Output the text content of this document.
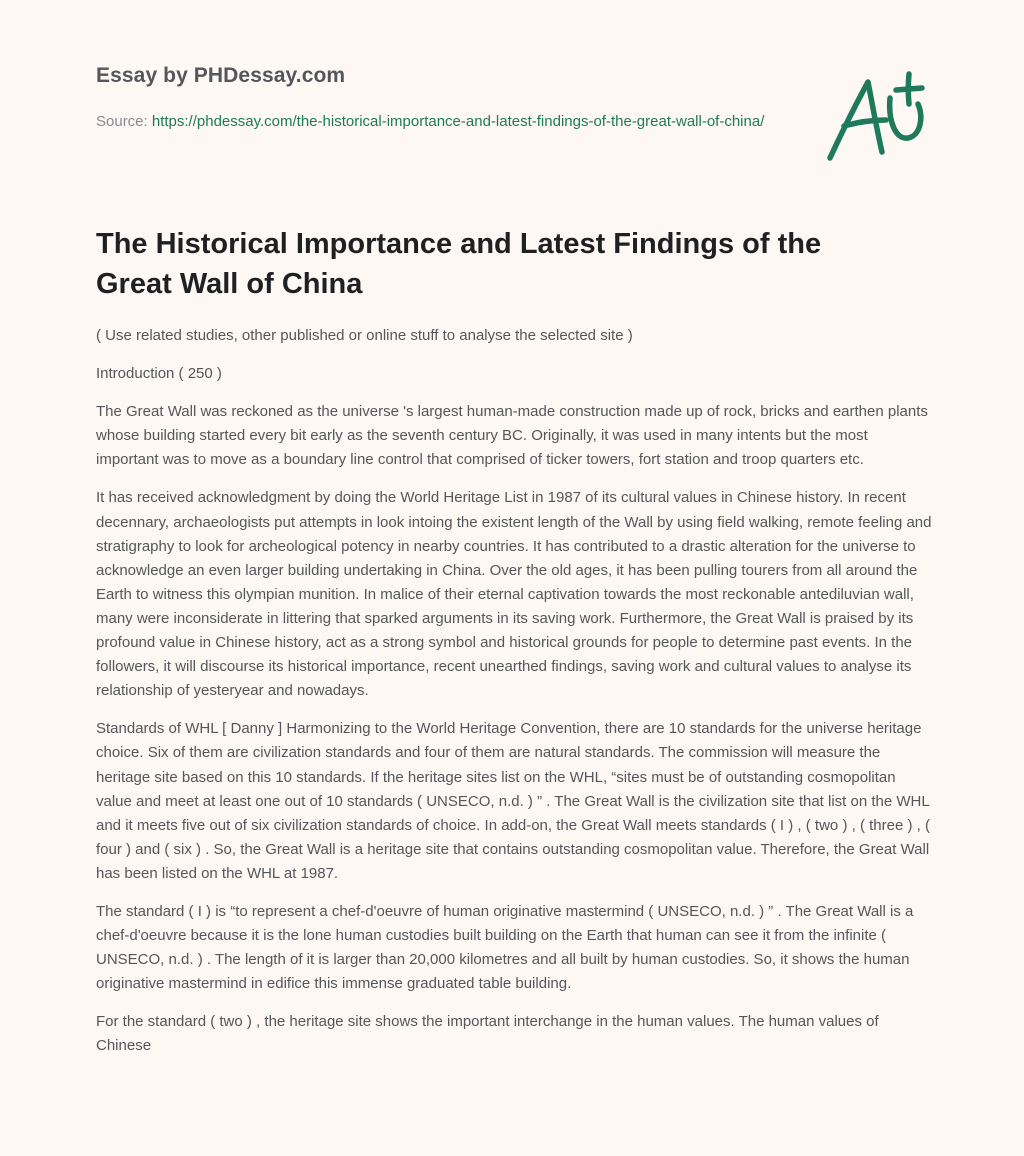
Essay by PHDessay.com
Source: https://phdessay.com/the-historical-importance-and-latest-findings-of-the-great-wall-of-china/
The Historical Importance and Latest Findings of the Great Wall of China

( Use related studies, other published or online stuff to analyse the selected site )

Introduction ( 250 )

The Great Wall was reckoned as the universe 's largest human-made construction made up of rock, bricks and earthen plants whose building started every bit early as the seventh century BC. Originally, it was used in many intents but the most important was to move as a boundary line control that comprised of ticker towers, fort station and troop quarters etc.

It has received acknowledgment by doing the World Heritage List in 1987 of its cultural values in Chinese history. In recent decennary, archaeologists put attempts in look intoing the existent length of the Wall by using field walking, remote feeling and stratigraphy to look for archeological potency in nearby countries. It has contributed to a drastic alteration for the universe to acknowledge an even larger building undertaking in China. Over the old ages, it has been pulling tourers from all around the Earth to witness this olympian munition. In malice of their eternal captivation towards the most reckonable antediluvian wall, many were inconsiderate in littering that sparked arguments in its saving work. Furthermore, the Great Wall is praised by its profound value in Chinese history, act as a strong symbol and historical grounds for people to determine past events. In the followers, it will discourse its historical importance, recent unearthed findings, saving work and cultural values to analyse its relationship of yesteryear and nowadays.

Standards of WHL [ Danny ] Harmonizing to the World Heritage Convention, there are 10 standards for the universe heritage choice. Six of them are civilization standards and four of them are natural standards. The commission will measure the heritage site based on this 10 standards. If the heritage sites list on the WHL, “sites must be of outstanding cosmopolitan value and meet at least one out of 10 standards ( UNSECO, n.d. ) ” . The Great Wall is the civilization site that list on the WHL and it meets five out of six civilization standards of choice. In add-on, the Great Wall meets standards ( I ) , ( two ) , ( three ) , ( four ) and ( six ) . So, the Great Wall is a heritage site that contains outstanding cosmopolitan value. Therefore, the Great Wall has been listed on the WHL at 1987.

The standard ( I ) is “to represent a chef-d'oeuvre of human originative mastermind ( UNSECO, n.d. ) ” . The Great Wall is a chef-d'oeuvre because it is the lone human custodies built building on the Earth that human can see it from the infinite ( UNSECO, n.d. ) . The length of it is larger than 20,000 kilometres and all built by human custodies. So, it shows the human originative mastermind in edifice this immense graduated table building.

For the standard ( two ) , the heritage site shows the important interchange in the human values. The human values of Chinese
